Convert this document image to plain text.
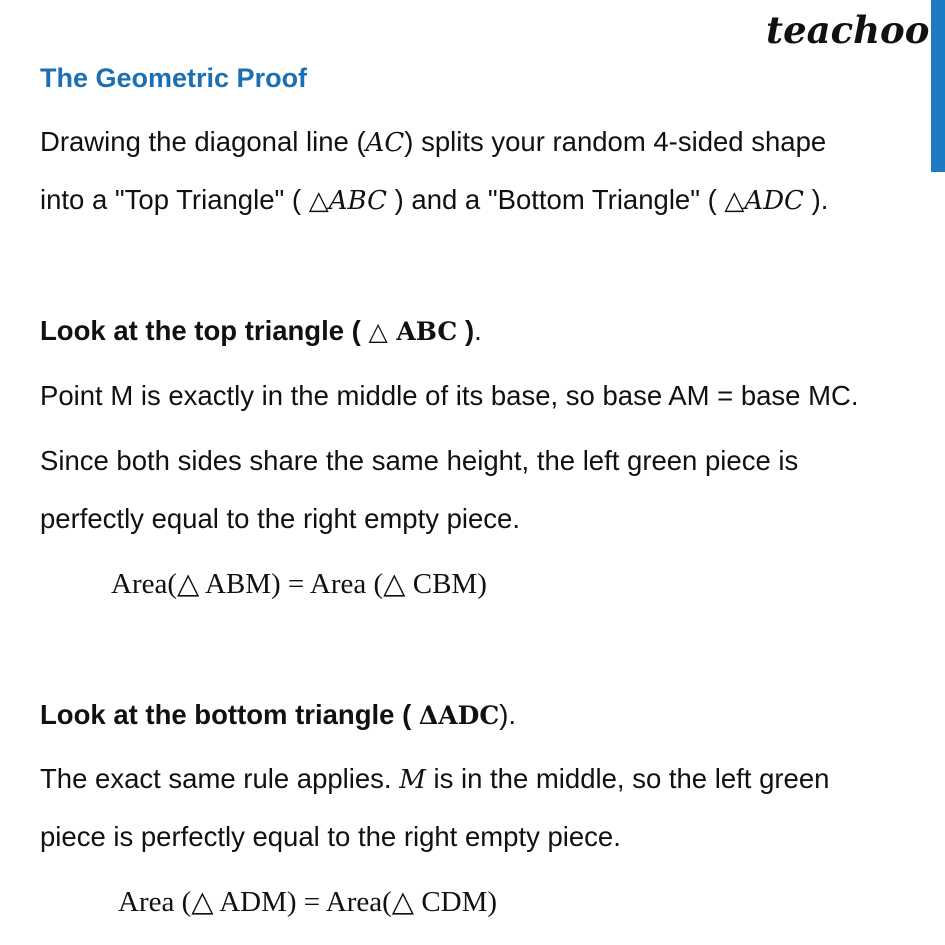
teachoo
The Geometric Proof
Drawing the diagonal line (AC) splits your random 4-sided shape
into a "Top Triangle" ( △ABC ) and a "Bottom Triangle" ( △ADC ).
Look at the top triangle ( △ ABC ).
Point M is exactly in the middle of its base, so base AM = base MC.
Since both sides share the same height, the left green piece is
perfectly equal to the right empty piece.
Area(△ ABM) = Area (△ CBM)
Look at the bottom triangle ( ΔADC).
The exact same rule applies. M is in the middle, so the left green
piece is perfectly equal to the right empty piece.
Area (△ ADM) = Area(△ CDM)
